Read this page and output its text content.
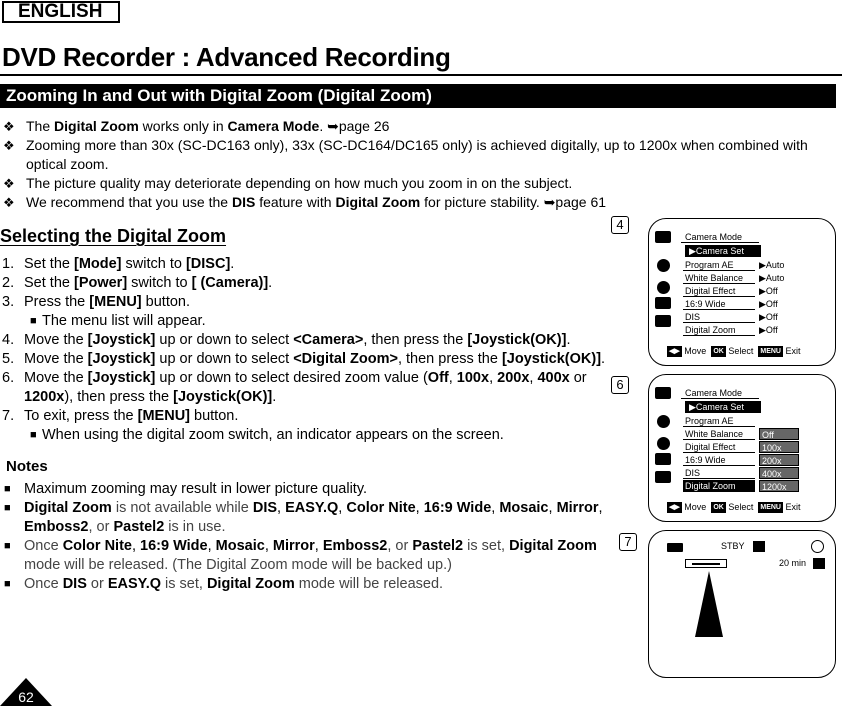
ENGLISH
DVD Recorder : Advanced Recording
Zooming In and Out with Digital Zoom (Digital Zoom)
❖ The Digital Zoom works only in Camera Mode. ➥page 26
❖ Zooming more than 30x (SC-DC163 only), 33x (SC-DC164/DC165 only) is achieved digitally, up to 1200x when combined with optical zoom.
❖ The picture quality may deteriorate depending on how much you zoom in on the subject.
❖ We recommend that you use the DIS feature with Digital Zoom for picture stability. ➥page 61
Selecting the Digital Zoom
1. Set the [Mode] switch to [DISC].
2. Set the [Power] switch to [ (Camera)].
3. Press the [MENU] button.
■ The menu list will appear.
4. Move the [Joystick] up or down to select <Camera>, then press the [Joystick(OK)].
5. Move the [Joystick] up or down to select <Digital Zoom>, then press the [Joystick(OK)].
6. Move the [Joystick] up or down to select desired zoom value (Off, 100x, 200x, 400x or 1200x), then press the [Joystick(OK)].
7. To exit, press the [MENU] button.
■ When using the digital zoom switch, an indicator appears on the screen.
Notes
■ Maximum zooming may result in lower picture quality.
■ Digital Zoom is not available while DIS, EASY.Q, Color Nite, 16:9 Wide, Mosaic, Mirror, Emboss2, or Pastel2 is in use.
■ Once Color Nite, 16:9 Wide, Mosaic, Mirror, Emboss2, or Pastel2 is set, Digital Zoom mode will be released. (The Digital Zoom mode will be backed up.)
■ Once DIS or EASY.Q is set, Digital Zoom mode will be released.
4
6
7
Camera Mode
▶Camera Set
Program AE
White Balance
Digital Effect
16:9 Wide
DIS
Digital Zoom
▶Auto
▶Auto
▶Off
▶Off
▶Off
▶Off
◀▶ Move OK Select MENU Exit
Camera Mode
▶Camera Set
Program AE
White Balance
Digital Effect
16:9 Wide
DIS
Digital Zoom
Off
100x
200x
400x
1200x
◀▶ Move OK Select MENU Exit
STBY
20 min
62
